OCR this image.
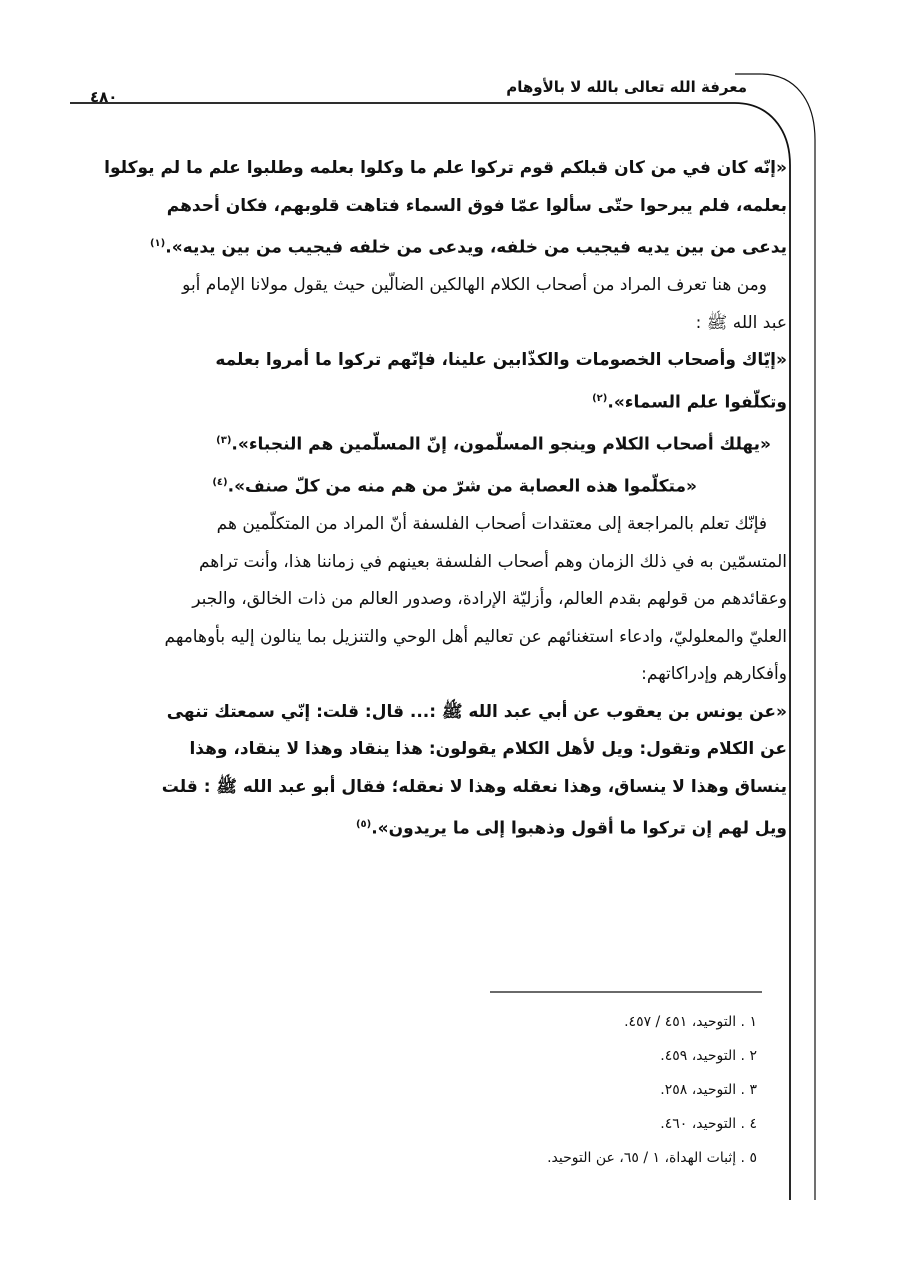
معرفة الله تعالى بالله لا بالأوهام
٤٨٠

«إنّه كان في من كان قبلكم قوم تركوا علم ما وكلوا بعلمه وطلبوا علم ما لم يوكلوا

بعلمه، فلم يبرحوا حتّى سألوا عمّا فوق السماء فتاهت قلوبهم، فكان أحدهم

يدعى من بين يديه فيجيب من خلفه، ويدعى من خلفه فيجيب من بين يديه».$^{(١)}$

ومن هنا تعرف المراد من أصحاب الكلام الهالكين الضالّين حيث يقول مولانا الإمام أبو

عبد الله ﷺ :

«إيّاك وأصحاب الخصومات والكذّابين علينا، فإنّهم تركوا ما أمروا بعلمه

وتكلّفوا علم السماء».$^{(٢)}$

«يهلك أصحاب الكلام وينجو المسلّمون، إنّ المسلّمين هم النجباء».$^{(٣)}$

«متكلّموا هذه العصابة من شرّ من هم منه من كلّ صنف».$^{(٤)}$

فإنّك تعلم بالمراجعة إلى معتقدات أصحاب الفلسفة أنّ المراد من المتكلّمين هم

المتسمّين به في ذلك الزمان وهم أصحاب الفلسفة بعينهم في زماننا هذا، وأنت تراهم

وعقائدهم من قولهم بقدم العالم، وأزليّة الإرادة، وصدور العالم من ذات الخالق، والجبر

العليّ والمعلوليّ، وادعاء استغنائهم عن تعاليم أهل الوحي والتنزيل بما ينالون إليه بأوهامهم

وأفكارهم وإدراكاتهم:

«عن يونس بن يعقوب عن أبي عبد الله ﷺ :... قال: قلت: إنّي سمعتك تنهى

عن الكلام وتقول: ويل لأهل الكلام يقولون: هذا ينقاد وهذا لا ينقاد، وهذا

ينساق وهذا لا ينساق، وهذا نعقله وهذا لا نعقله؛ فقال أبو عبد الله ﷺ : قلت

ويل لهم إن تركوا ما أقول وذهبوا إلى ما يريدون».$^{(٥)}$

١ . التوحيد، ٤٥١ / ٤٥٧.

٢ . التوحيد، ٤٥٩.

٣ . التوحيد، ٢٥٨.

٤ . التوحيد، ٤٦٠.

٥ . إثبات الهداة، ١ / ٦٥، عن التوحيد.
